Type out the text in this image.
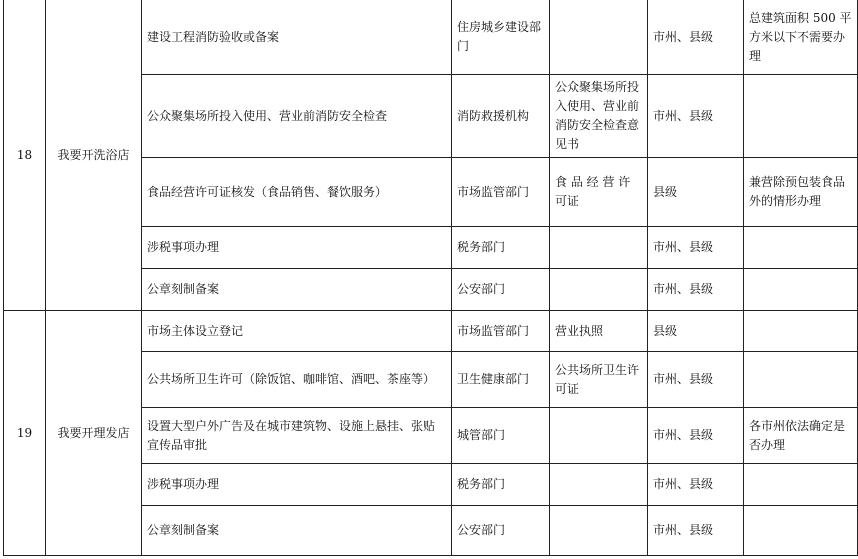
18	我要开洗浴店	建设工程消防验收或备案	住房城乡建设部门		市州、县级	总建筑面积 500 平方米以下不需要办理
		公众聚集场所投入使用、营业前消防安全检查	消防救援机构	公众聚集场所投入使用、营业前消防安全检查意见书	市州、县级	
		食品经营许可证核发（食品销售、餐饮服务）	市场监管部门	食 品 经 营 许 可证	县级	兼营除预包装食品外的情形办理
		涉税事项办理	税务部门		市州、县级	
		公章刻制备案	公安部门		市州、县级	
19	我要开理发店	市场主体设立登记	市场监管部门	营业执照	县级	
		公共场所卫生许可（除饭馆、咖啡馆、酒吧、茶座等）	卫生健康部门	公共场所卫生许可证	市州、县级	
		设置大型户外广告及在城市建筑物、设施上悬挂、张贴宣传品审批	城管部门		市州、县级	各市州依法确定是否办理
		涉税事项办理	税务部门		市州、县级	
		公章刻制备案	公安部门		市州、县级	
